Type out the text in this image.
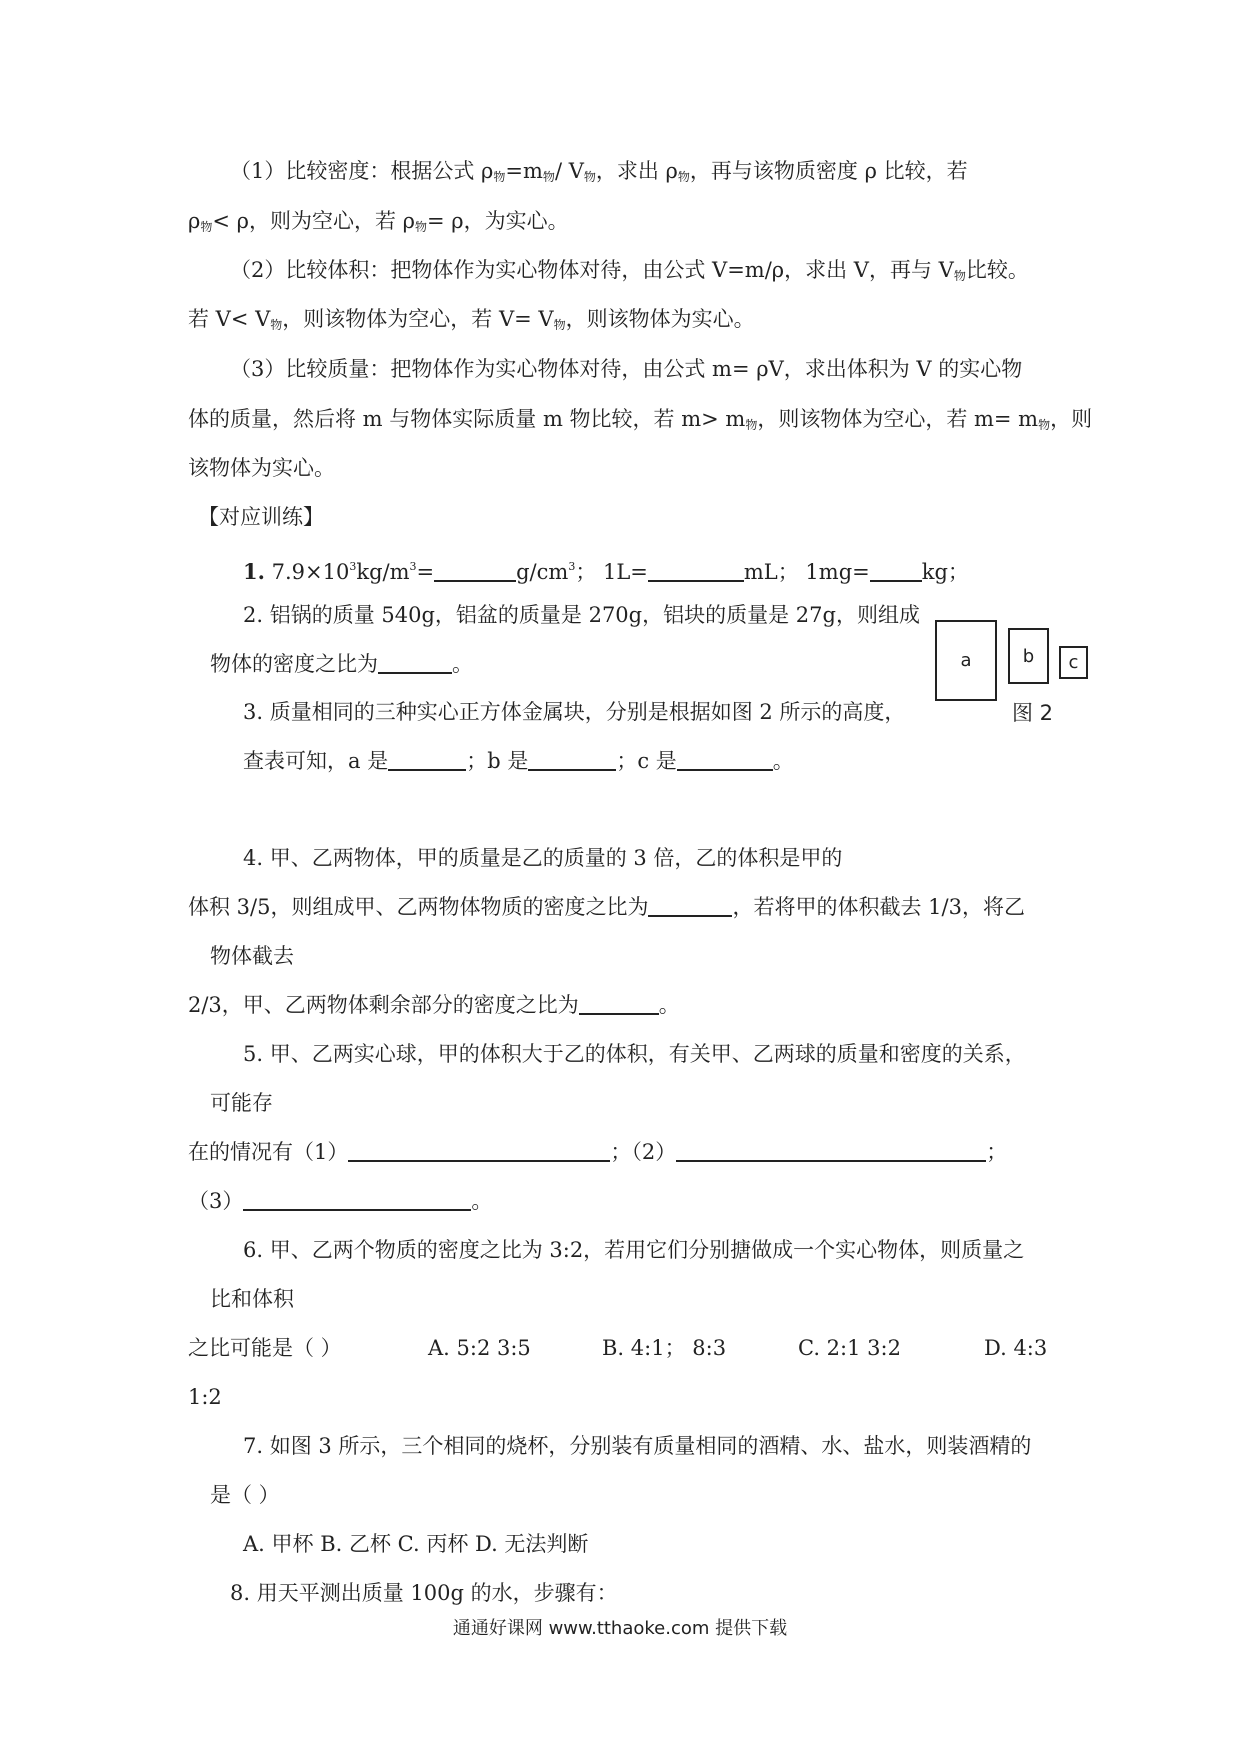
（1）比较密度：根据公式 $\rho_物=m_物/$ $V_物$，求出 $\rho_物$，再与该物质密度 ρ 比较，若
$\rho_物< \rho$，则为空心，若 $\rho_物= \rho$，为实心。
（2）比较体积：把物体作为实心物体对待，由公式 V=m/ρ，求出 V，再与 $V_物$比较。
若 $V< V_物$，则该物体为空心，若 $V= V_物$，则该物体为实心。
（3）比较质量：把物体作为实心物体对待，由公式 m= ρV，求出体积为 V 的实心物
体的质量，然后将 m 与物体实际质量 m 物比较，若 $m> m_物$，则该物体为空心，若 $m= m_物$，则
该物体为实心。
【对应训练】
1. $7.9\times 10^3kg/m^3=$	$g/cm^3$； 1L=	mL； 1mg= kg；
2. 铝锅的质量 540g，铝盆的质量是 270g，铝块的质量是 27g，则组成
物体的密度之比为	。	a	b c
图 2
3. 质量相同的三种实心正方体金属块，分别是根据如图 2 所示的高度，
查表可知，a 是	；b 是	；c 是	。
4. 甲、乙两物体，甲的质量是乙的质量的 3 倍，乙的体积是甲的
体积 3/5，则组成甲、乙两物体物质的密度之比为	，若将甲的体积截去 1/3，将乙
物体截去
2/3，甲、乙两物体剩余部分的密度之比为	。
5. 甲、乙两实心球，甲的体积大于乙的体积，有关甲、乙两球的质量和密度的关系，
可能存
在的情况有（1）	；（2）	；
（3）	。
6. 甲、乙两个物质的密度之比为 3:2，若用它们分别搪做成一个实心物体，则质量之
比和体积
之比可能是（ ）	A. 5:2 3:5	B. 4:1； 8:3	C. 2:1 3:2	D. 4:3
1:2
7. 如图 3 所示，三个相同的烧杯，分别装有质量相同的酒精、水、盐水，则装酒精的
是（ ）
A. 甲杯 B. 乙杯 C. 丙杯 D. 无法判断
8. 用天平测出质量 100g 的水，步骤有：
通通好课网 www.tthaoke.com 提供下载
